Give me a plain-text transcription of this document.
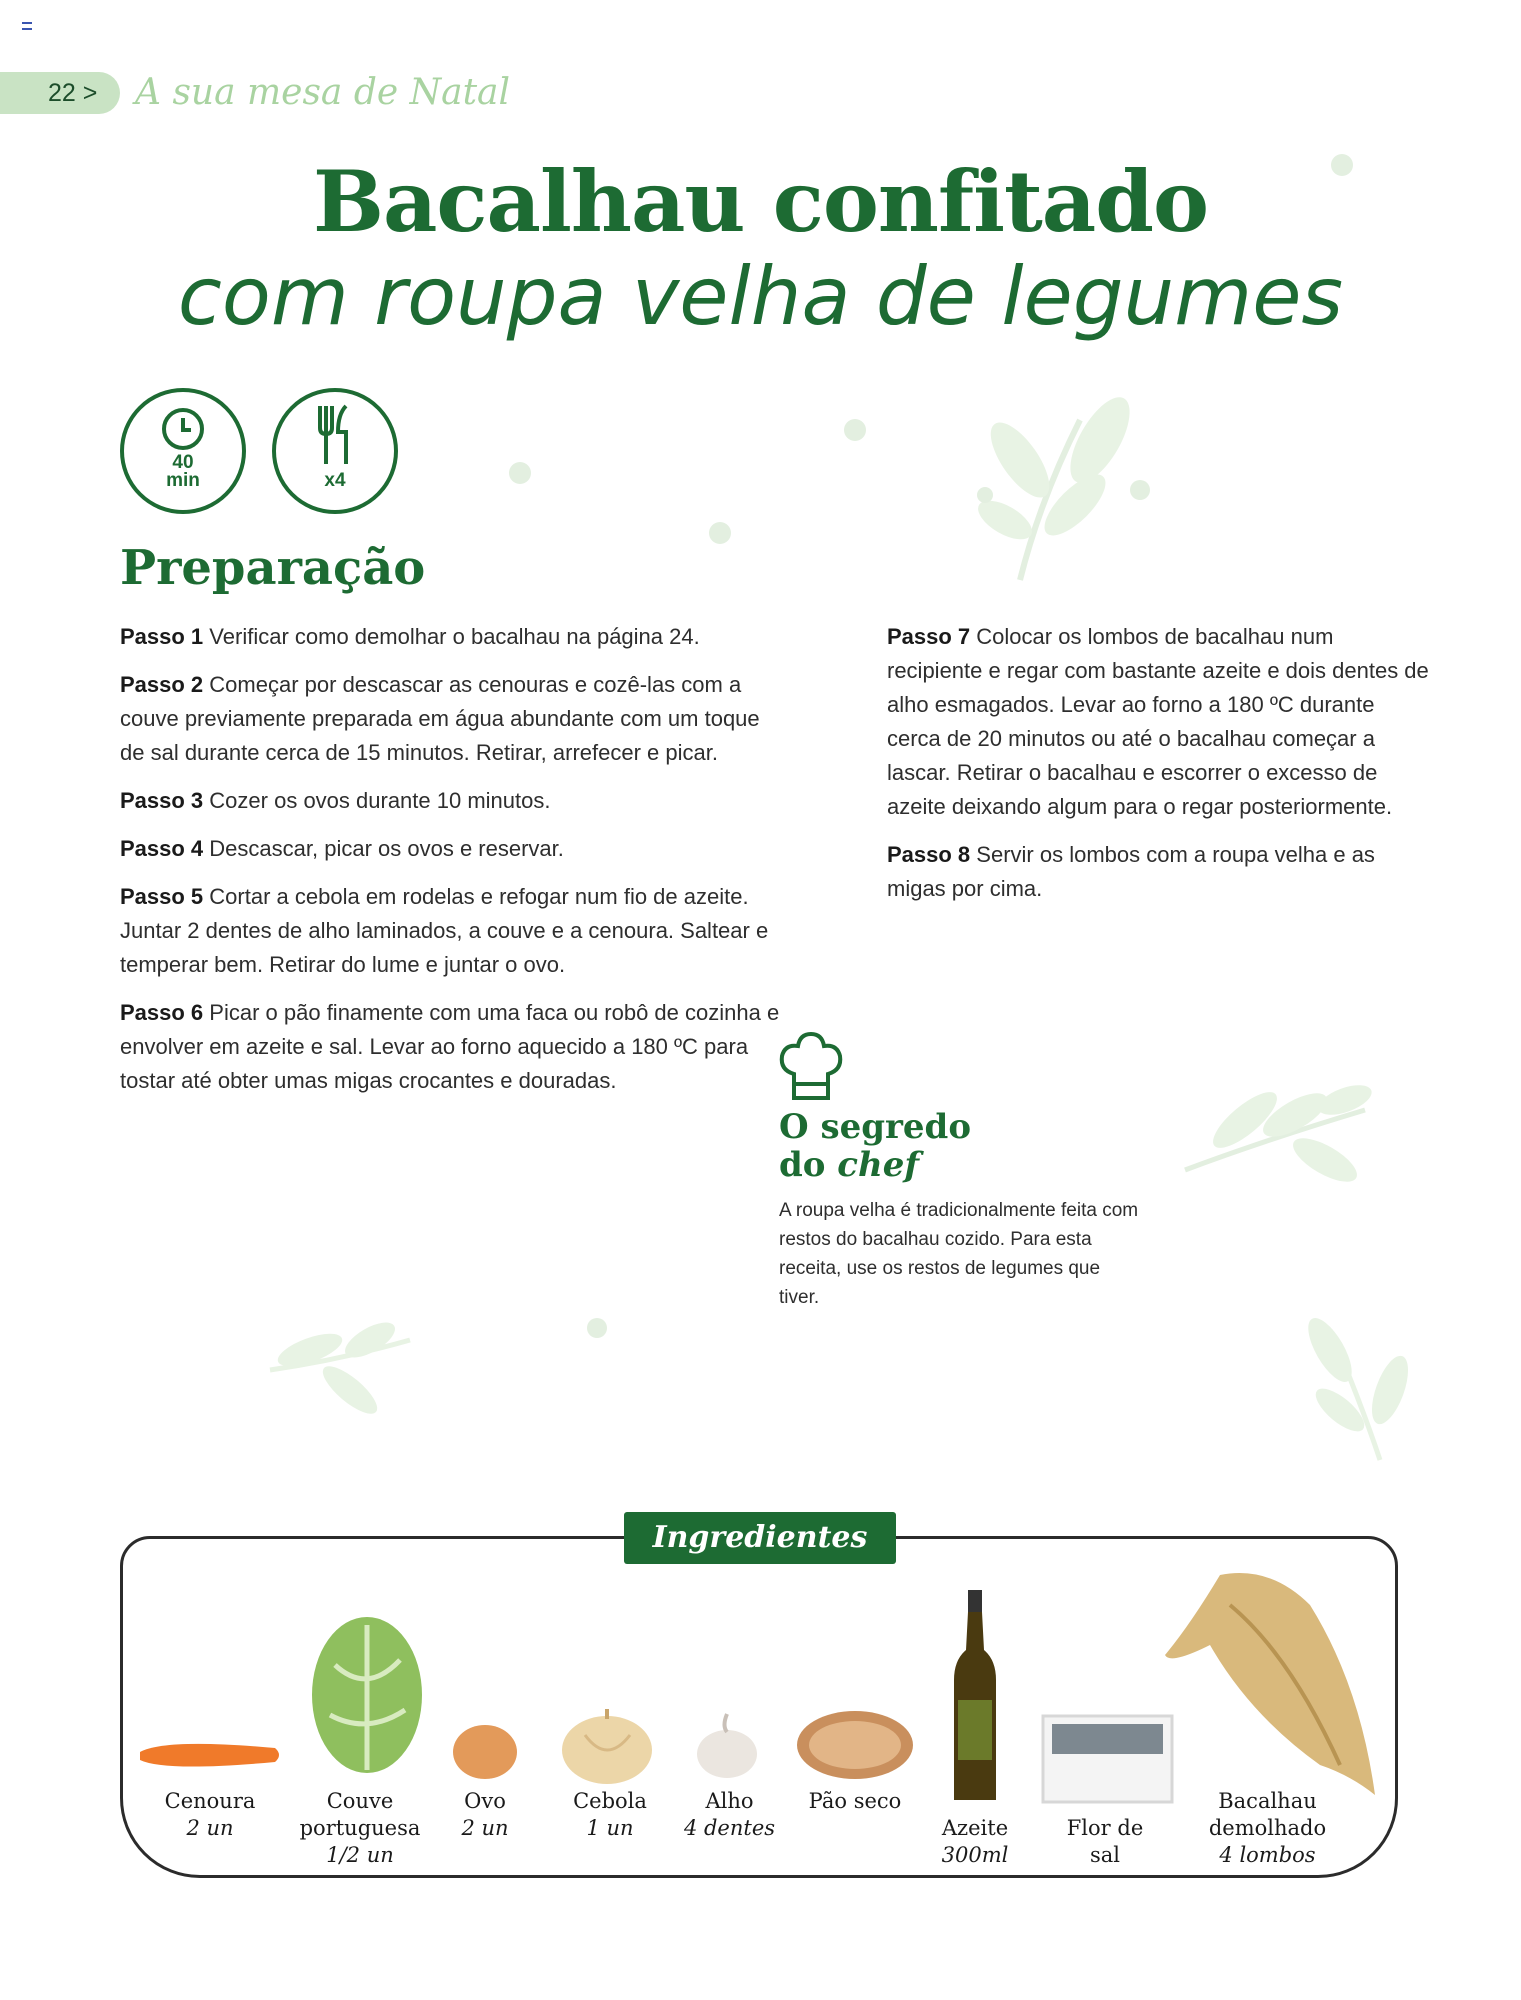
22 > A sua mesa de Natal
Bacalhau confitado
com roupa velha de legumes
40
min	x4
Preparação

Passo 1 Verificar como demolhar o bacalhau na página 24.

Passo 2 Começar por descascar as cenouras e cozê-las com a couve previamente preparada em água abundante com um toque de sal durante cerca de 15 minutos. Retirar, arrefecer e picar.

Passo 3 Cozer os ovos durante 10 minutos.

Passo 4 Descascar, picar os ovos e reservar.

Passo 5 Cortar a cebola em rodelas e refogar num fio de azeite. Juntar 2 dentes de alho laminados, a couve e a cenoura. Saltear e temperar bem. Retirar do lume e juntar o ovo.

Passo 6 Picar o pão finamente com uma faca ou robô de cozinha e envolver em azeite e sal. Levar ao forno aquecido a 180 ºC para tostar até obter umas migas crocantes e douradas.

Passo 7 Colocar os lombos de bacalhau num recipiente e regar com bastante azeite e dois dentes de alho esmagados. Levar ao forno a 180 ºC durante cerca de 20 minutos ou até o bacalhau começar a lascar. Retirar o bacalhau e escorrer o excesso de azeite deixando algum para o regar posteriormente.

Passo 8 Servir os lombos com a roupa velha e as migas por cima.

O segredo
do chef
A roupa velha é tradicionalmente feita com restos do bacalhau cozido. Para esta receita, use os restos de legumes que tiver.
Ingredientes
Cenoura
2 un
Couve portuguesa
1/2 un
Ovo
2 un
Cebola
1 un
Alho
4 dentes
Pão seco
Azeite
300ml
Flor de sal
Bacalhau demolhado
4 lombos
